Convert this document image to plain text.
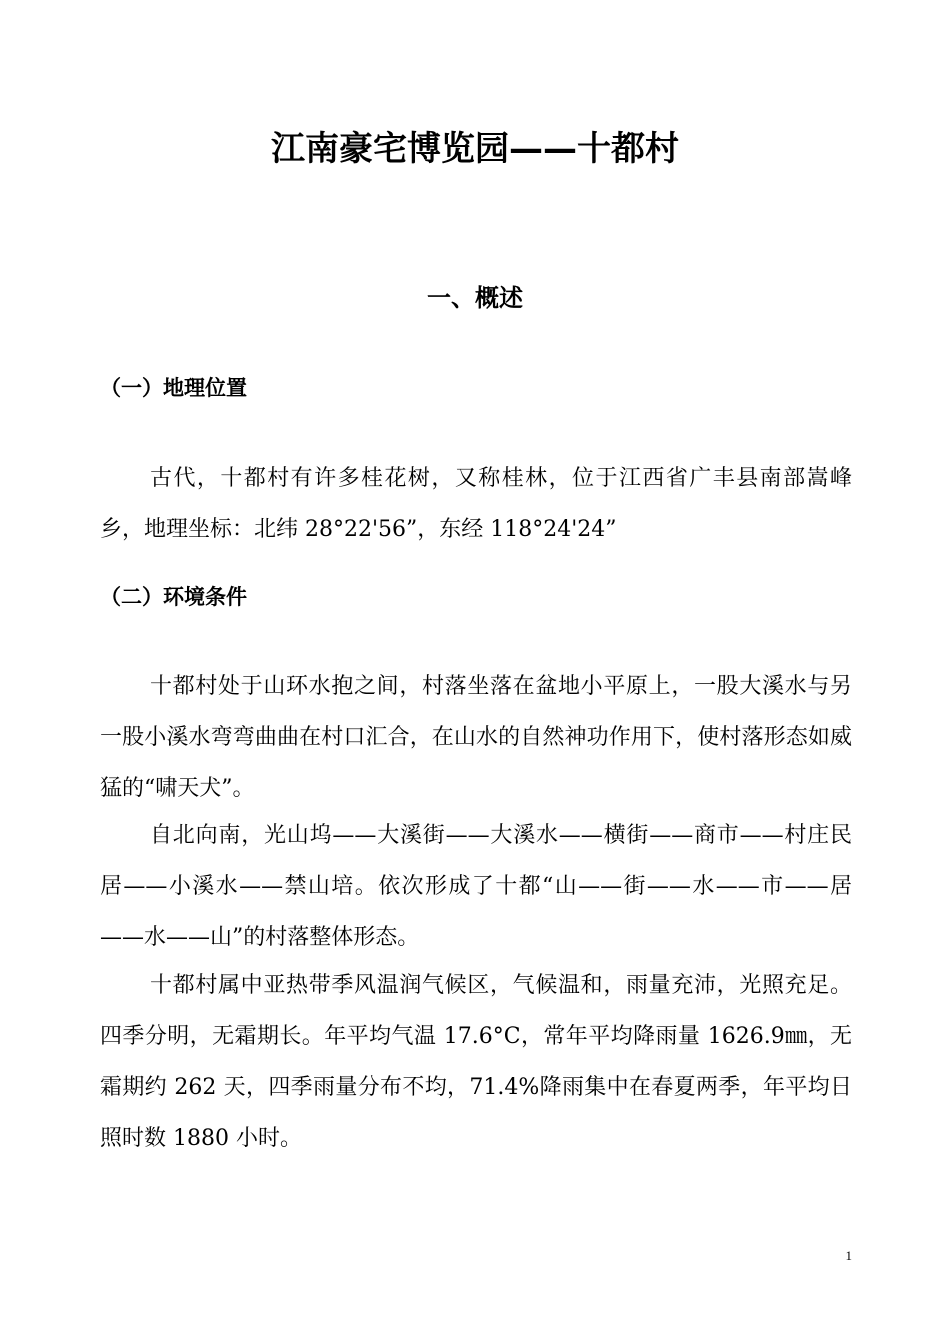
江南豪宅博览园——十都村
一、概述
（一）地理位置

古代，十都村有许多桂花树，又称桂林，位于江西省广丰县南部嵩峰乡，地理坐标：北纬 28°22'56”，东经 118°24'24”

（二）环境条件

十都村处于山环水抱之间，村落坐落在盆地小平原上，一股大溪水与另一股小溪水弯弯曲曲在村口汇合，在山水的自然神功作用下，使村落形态如威猛的“啸天犬”。

自北向南，光山坞——大溪街——大溪水——横街——商市——村庄民居——小溪水——禁山培。依次形成了十都“山——街——水——市——居——水——山”的村落整体形态。

十都村属中亚热带季风温润气候区，气候温和，雨量充沛，光照充足。四季分明，无霜期长。年平均气温 17.6°C，常年平均降雨量 1626.9㎜，无霜期约 262 天，四季雨量分布不均，71.4%降雨集中在春夏两季，年平均日照时数 1880 小时。

1
